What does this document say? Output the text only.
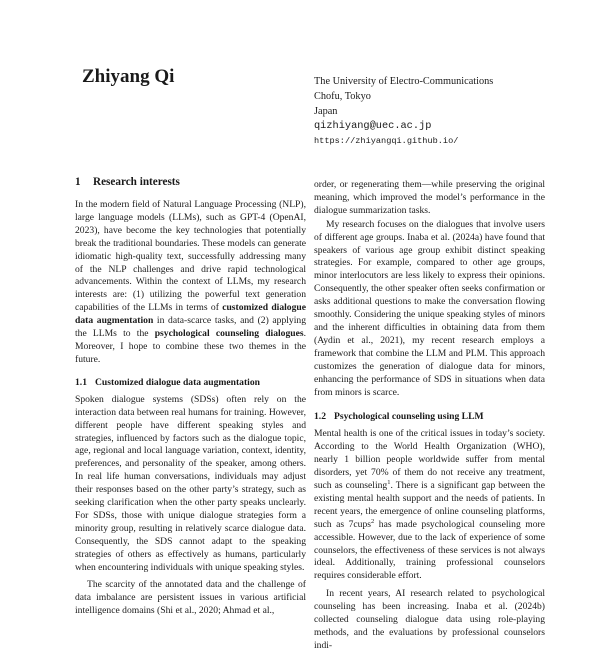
Zhiyang Qi	The University of Electro-Communications
Chofu, Tokyo
Japan
qizhiyang@uec.ac.jp
https://zhiyangqi.github.io/
1 Research interests

In the modern field of Natural Language Processing (NLP), large language models (LLMs), such as GPT-4 (OpenAI, 2023), have become the key technologies that potentially break the traditional boundaries. These models can generate idiomatic high-quality text, successfully addressing many of the NLP challenges and drive rapid technological advancements. Within the context of LLMs, my research interests are: (1) utilizing the powerful text generation capabilities of the LLMs in terms of customized dialogue data augmentation in data-scarce tasks, and (2) applying the LLMs to the psychological counseling dialogues. Moreover, I hope to combine these two themes in the future.

1.1 Customized dialogue data augmentation

Spoken dialogue systems (SDSs) often rely on the interaction data between real humans for training. However, different people have different speaking styles and strategies, influenced by factors such as the dialogue topic, age, regional and local language variation, context, identity, preferences, and personality of the speaker, among others. In real life human conversations, individuals may adjust their responses based on the other party’s strategy, such as seeking clarification when the other party speaks unclearly. For SDSs, those with unique dialogue strategies form a minority group, resulting in relatively scarce dialogue data. Consequently, the SDS cannot adapt to the speaking strategies of others as effectively as humans, particularly when encountering individuals with unique speaking styles.

The scarcity of the annotated data and the challenge of data imbalance are persistent issues in various artificial intelligence domains (Shi et al., 2020; Ahmad et al.,

order, or regenerating them—while preserving the original meaning, which improved the model’s performance in the dialogue summarization tasks.

My research focuses on the dialogues that involve users of different age groups. Inaba et al. (2024a) have found that speakers of various age group exhibit distinct speaking strategies. For example, compared to other age groups, minor interlocutors are less likely to express their opinions. Consequently, the other speaker often seeks confirmation or asks additional questions to make the conversation flowing smoothly. Considering the unique speaking styles of minors and the inherent difficulties in obtaining data from them (Aydin et al., 2021), my recent research employs a framework that combine the LLM and PLM. This approach customizes the generation of dialogue data for minors, enhancing the performance of SDS in situations when data from minors is scarce.

1.2 Psychological counseling using LLM

Mental health is one of the critical issues in today’s society. According to the World Health Organization (WHO), nearly 1 billion people worldwide suffer from mental disorders, yet 70% of them do not receive any treatment, such as counseling$^1$. There is a significant gap between the existing mental health support and the needs of patients. In recent years, the emergence of online counseling platforms, such as 7cups$^2$ has made psychological counseling more accessible. However, due to the lack of experience of some counselors, the effectiveness of these services is not always ideal. Additionally, training professional counselors requires considerable effort.

In recent years, AI research related to psychological counseling has been increasing. Inaba et al. (2024b) collected counseling dialogue data using role-playing methods, and the evaluations by professional counselors indi-
